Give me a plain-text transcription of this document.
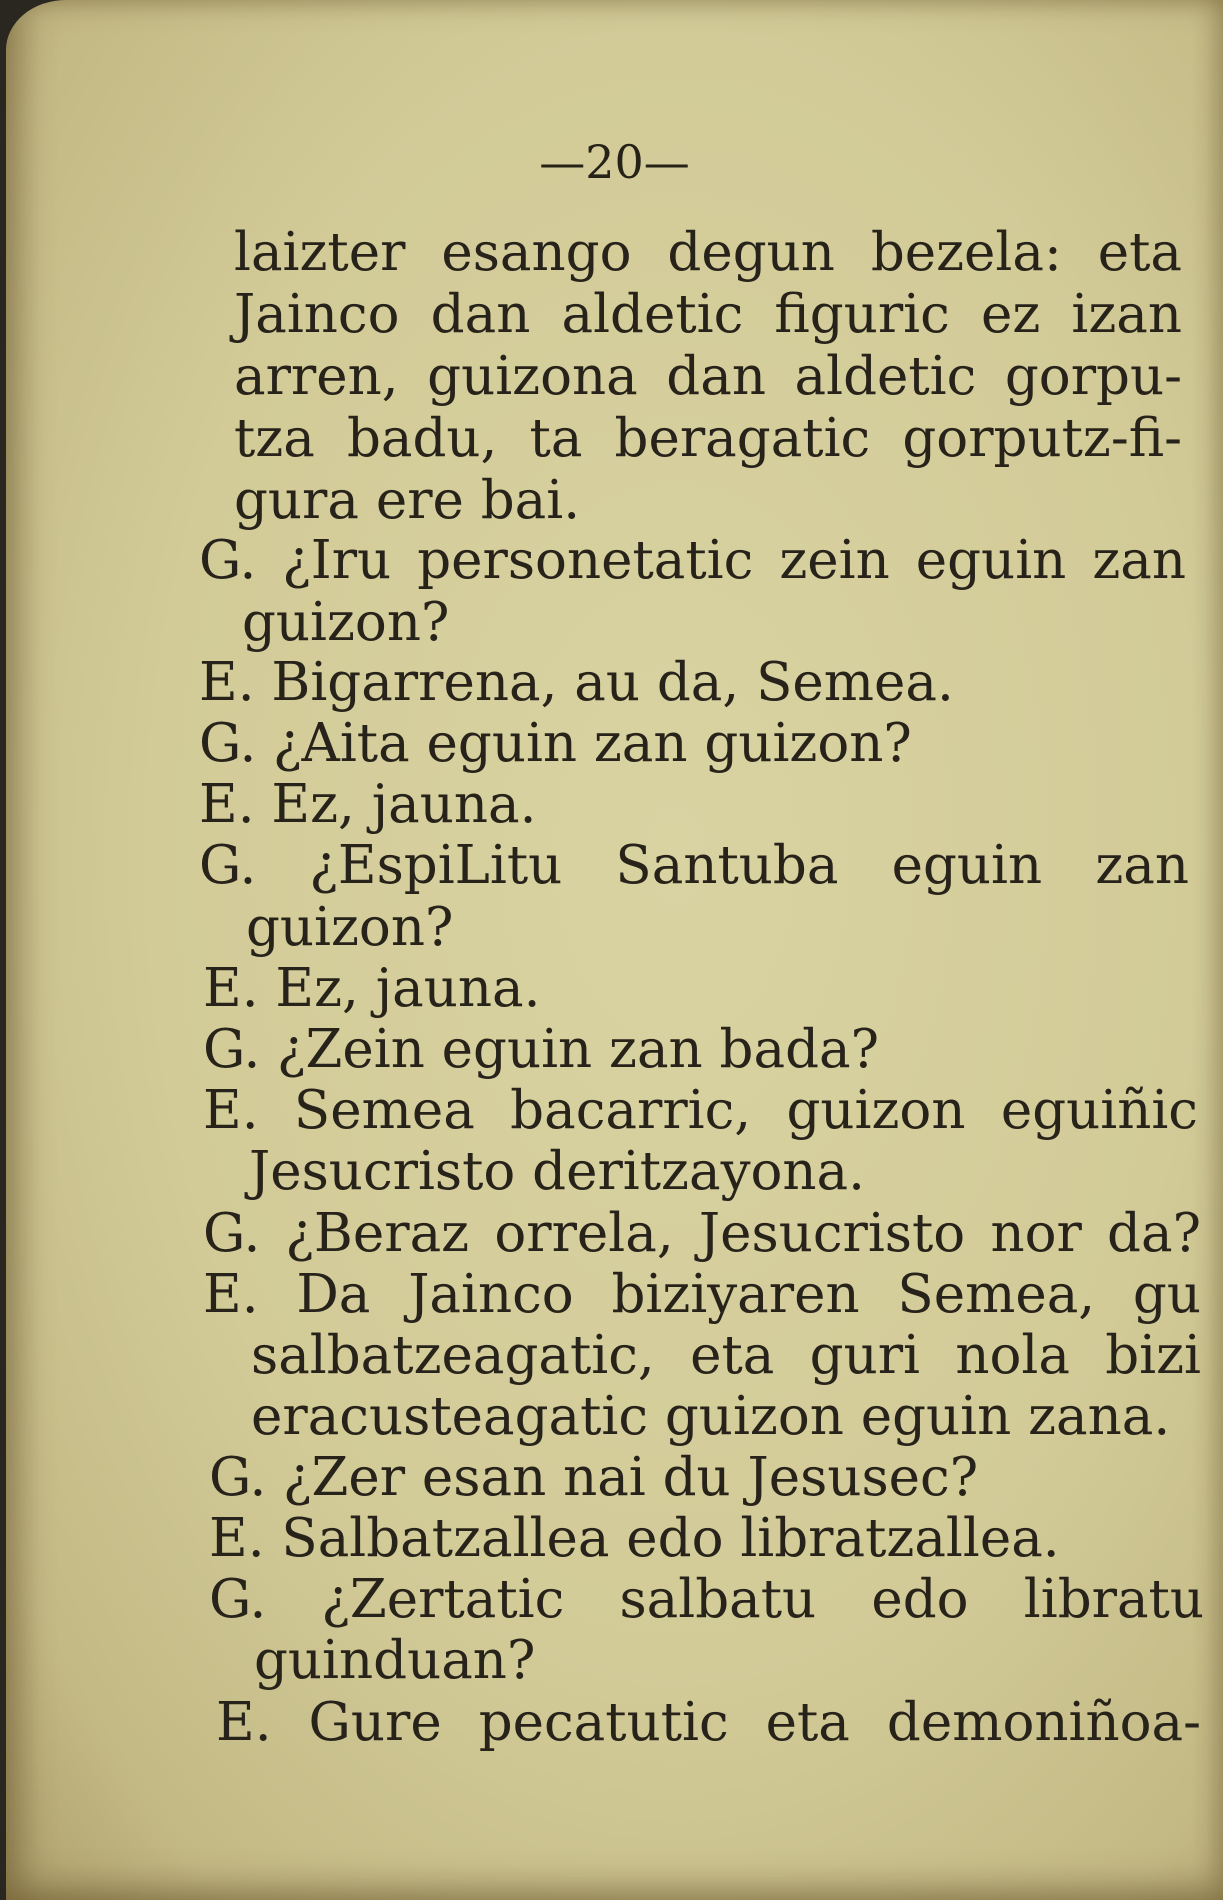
—20—
laizter esango degun bezela: eta
Jainco dan aldetic figuric ez izan
arren, guizona dan aldetic gorpu-
tza badu, ta beragatic gorputz-fi-
gura ere bai.
G. ¿Iru personetatic zein eguin zan
guizon?
E. Bigarrena, au da, Semea.
G. ¿Aita eguin zan guizon?
E. Ez, jauna.
G. ¿EspiLitu Santuba eguin zan
guizon?
E. Ez, jauna.
G. ¿Zein eguin zan bada?
E. Semea bacarric, guizon eguiñic
Jesucristo deritzayona.
G. ¿Beraz orrela, Jesucristo nor da?
E. Da Jainco biziyaren Semea, gu
salbatzeagatic, eta guri nola bizi
eracusteagatic guizon eguin zana.
G. ¿Zer esan nai du Jesusec?
E. Salbatzallea edo libratzallea.
G. ¿Zertatic salbatu edo libratu
guinduan?
E. Gure pecatutic eta demoniñoa-
